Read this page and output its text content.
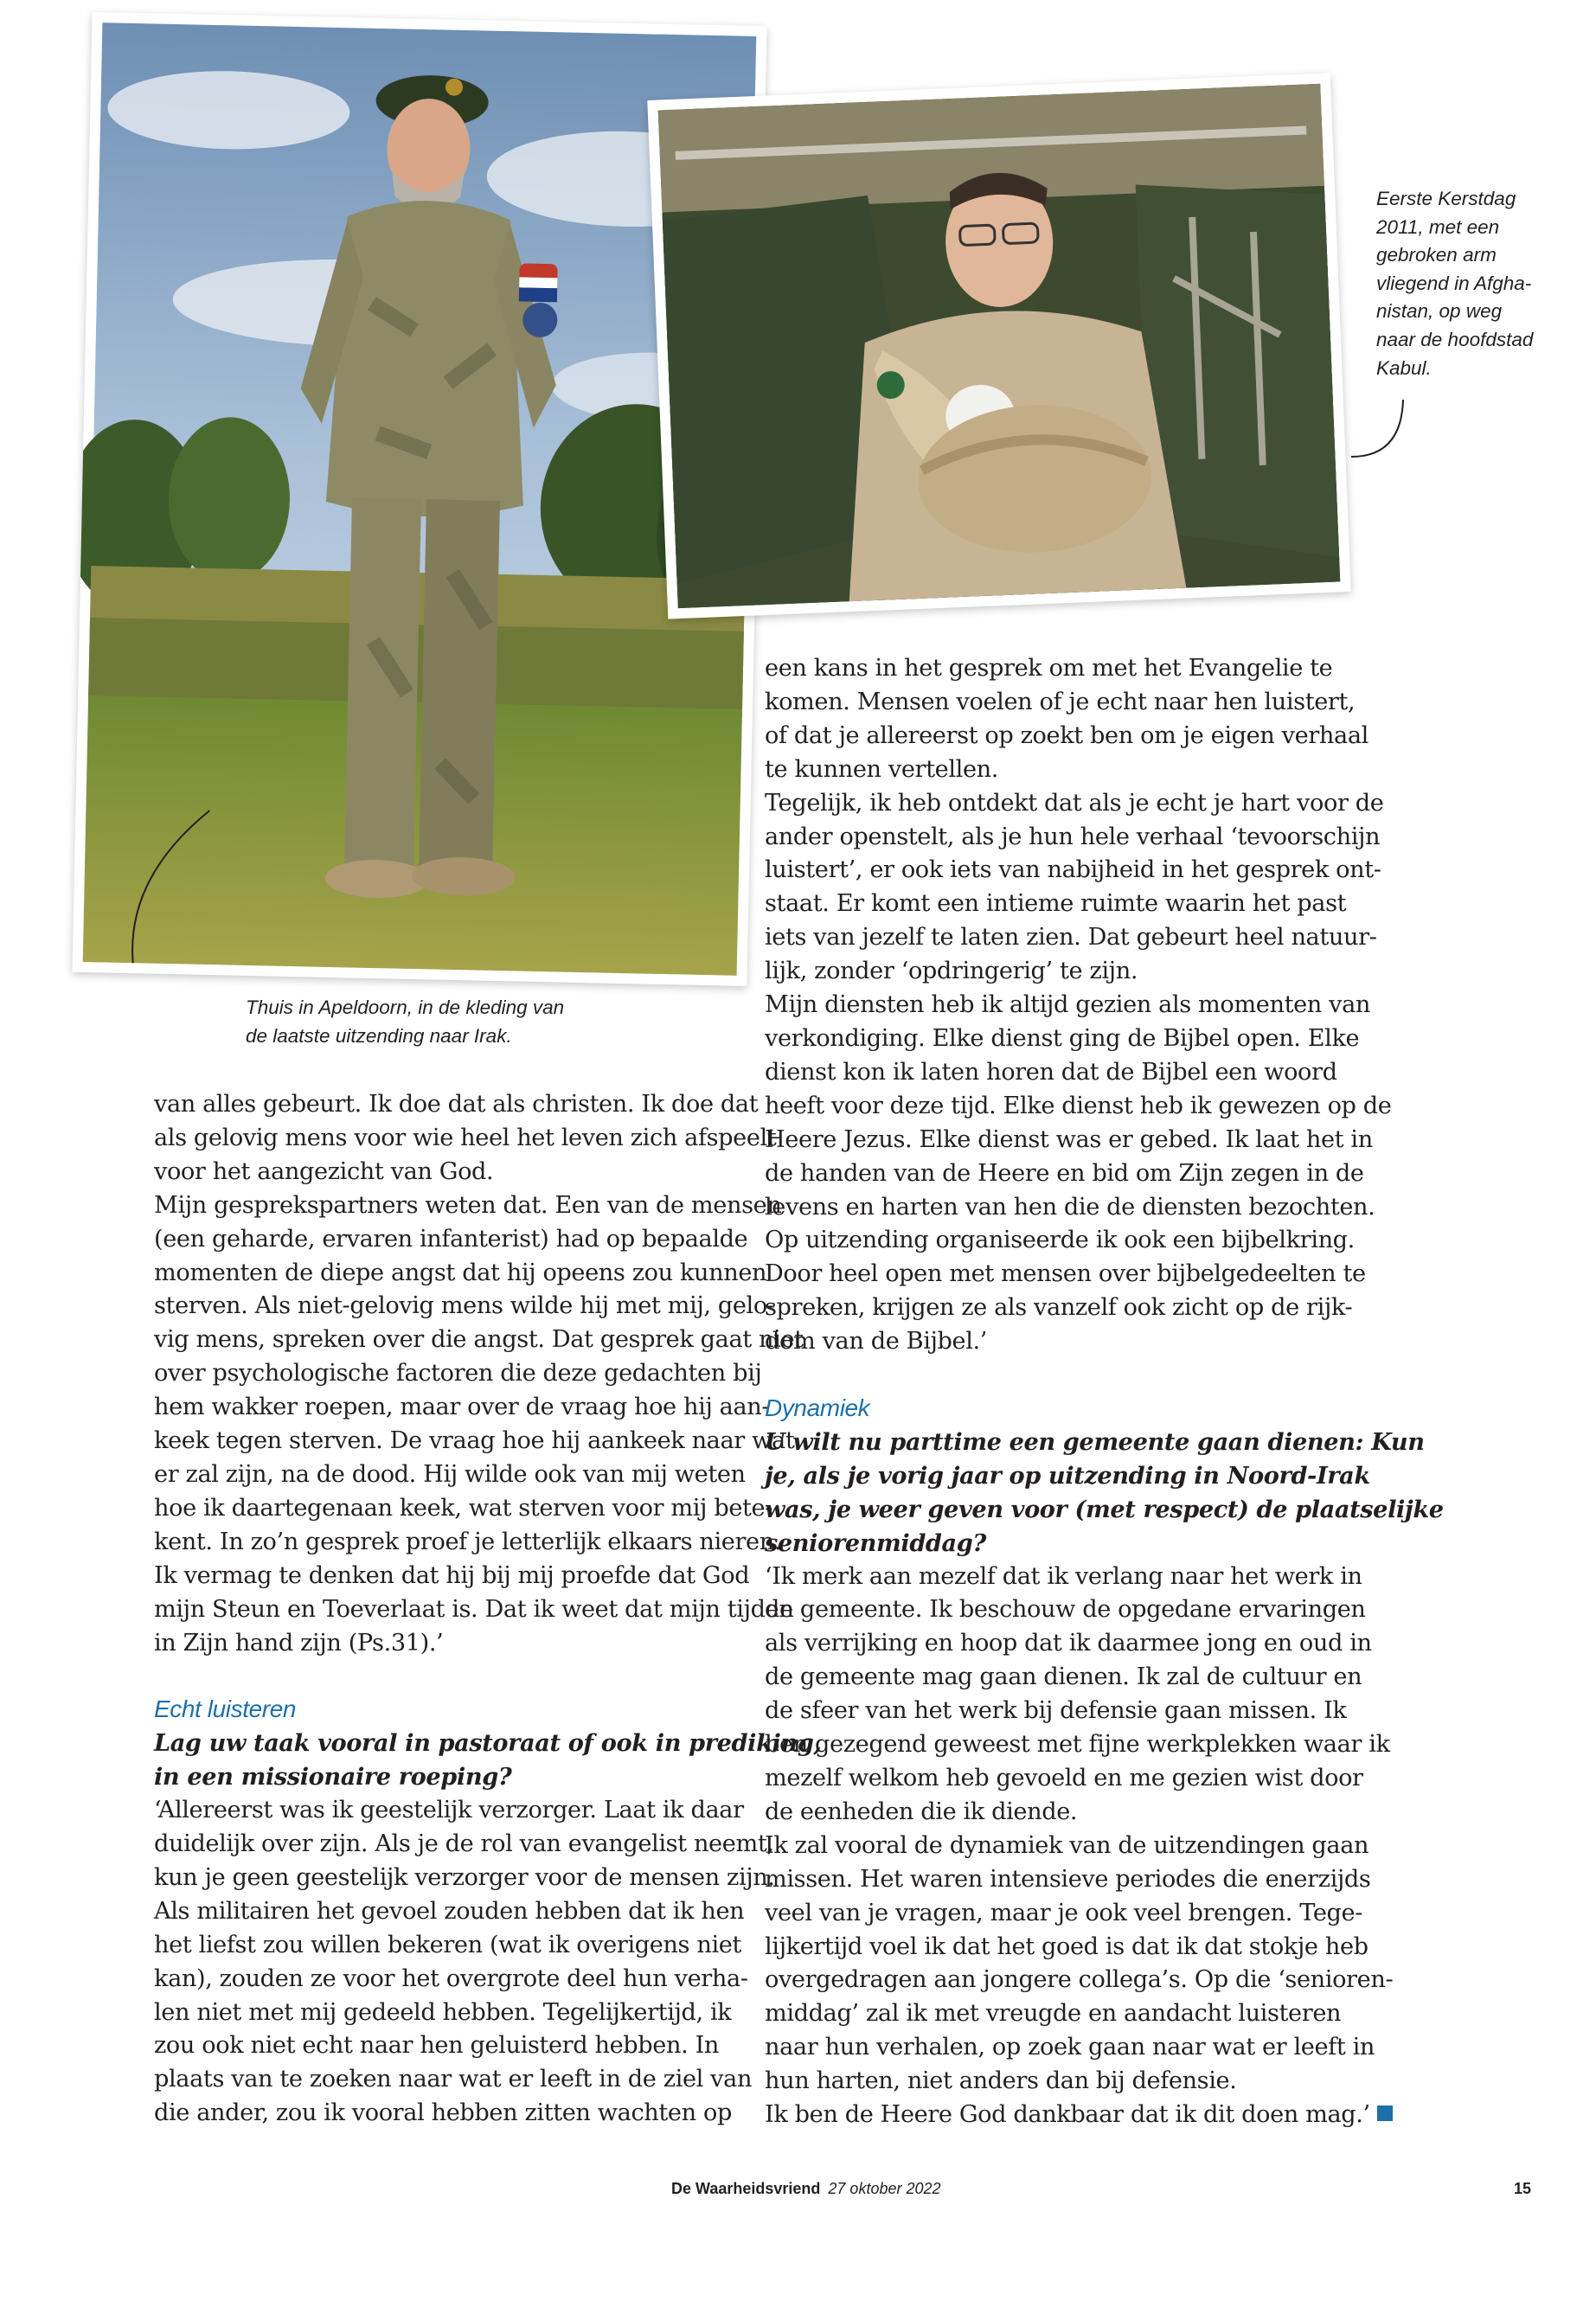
Thuis in Apeldoorn, in de kleding van
de laatste uitzending naar Irak.
Eerste Kerstdag
2011, met een
gebroken arm
vliegend in Afgha-
nistan, op weg
naar de hoofdstad
Kabul.
van alles gebeurt. Ik doe dat als christen. Ik doe dat
als gelovig mens voor wie heel het leven zich afspeelt
voor het aangezicht van God.
Mijn gesprekspartners weten dat. Een van de mensen
(een geharde, ervaren infanterist) had op bepaalde
momenten de diepe angst dat hij opeens zou kunnen
sterven. Als niet-gelovig mens wilde hij met mij, gelo-
vig mens, spreken over die angst. Dat gesprek gaat niet
over psychologische factoren die deze gedachten bij
hem wakker roepen, maar over de vraag hoe hij aan-
keek tegen sterven. De vraag hoe hij aankeek naar wat
er zal zijn, na de dood. Hij wilde ook van mij weten
hoe ik daartegenaan keek, wat sterven voor mij bete-
kent. In zo’n gesprek proef je letterlijk elkaars nieren.
Ik vermag te denken dat hij bij mij proefde dat God
mijn Steun en Toeverlaat is. Dat ik weet dat mijn tijden
in Zijn hand zijn (Ps.31).’
Echt luisteren
Lag uw taak vooral in pastoraat of ook in prediking,
in een missionaire roeping?
‘Allereerst was ik geestelijk verzorger. Laat ik daar
duidelijk over zijn. Als je de rol van evangelist neemt,
kun je geen geestelijk verzorger voor de mensen zijn.
Als militairen het gevoel zouden hebben dat ik hen
het liefst zou willen bekeren (wat ik overigens niet
kan), zouden ze voor het overgrote deel hun verha-
len niet met mij gedeeld hebben. Tegelijkertijd, ik
zou ook niet echt naar hen geluisterd hebben. In
plaats van te zoeken naar wat er leeft in de ziel van
die ander, zou ik vooral hebben zitten wachten op
een kans in het gesprek om met het Evangelie te
komen. Mensen voelen of je echt naar hen luistert,
of dat je allereerst op zoekt ben om je eigen verhaal
te kunnen vertellen.
Tegelijk, ik heb ontdekt dat als je echt je hart voor de
ander openstelt, als je hun hele verhaal ‘tevoorschijn
luistert’, er ook iets van nabijheid in het gesprek ont-
staat. Er komt een intieme ruimte waarin het past
iets van jezelf te laten zien. Dat gebeurt heel natuur-
lijk, zonder ‘opdringerig’ te zijn.
Mijn diensten heb ik altijd gezien als momenten van
verkondiging. Elke dienst ging de Bijbel open. Elke
dienst kon ik laten horen dat de Bijbel een woord
heeft voor deze tijd. Elke dienst heb ik gewezen op de
Heere Jezus. Elke dienst was er gebed. Ik laat het in
de handen van de Heere en bid om Zijn zegen in de
levens en harten van hen die de diensten bezochten.
Op uitzending organiseerde ik ook een bijbelkring.
Door heel open met mensen over bijbelgedeelten te
spreken, krijgen ze als vanzelf ook zicht op de rijk-
dom van de Bijbel.’
Dynamiek
U wilt nu parttime een gemeente gaan dienen: Kun
je, als je vorig jaar op uitzending in Noord-Irak
was, je weer geven voor (met respect) de plaatselijke
seniorenmiddag?
‘Ik merk aan mezelf dat ik verlang naar het werk in
de gemeente. Ik beschouw de opgedane ervaringen
als verrijking en hoop dat ik daarmee jong en oud in
de gemeente mag gaan dienen. Ik zal de cultuur en
de sfeer van het werk bij defensie gaan missen. Ik
ben gezegend geweest met fijne werkplekken waar ik
mezelf welkom heb gevoeld en me gezien wist door
de eenheden die ik diende.
Ik zal vooral de dynamiek van de uitzendingen gaan
missen. Het waren intensieve periodes die enerzijds
veel van je vragen, maar je ook veel brengen. Tege-
lijkertijd voel ik dat het goed is dat ik dat stokje heb
overgedragen aan jongere collega’s. Op die ‘senioren-
middag’ zal ik met vreugde en aandacht luisteren
naar hun verhalen, op zoek gaan naar wat er leeft in
hun harten, niet anders dan bij defensie.
Ik ben de Heere God dankbaar dat ik dit doen mag.’
De Waarheidsvriend 27 oktober 2022	15
